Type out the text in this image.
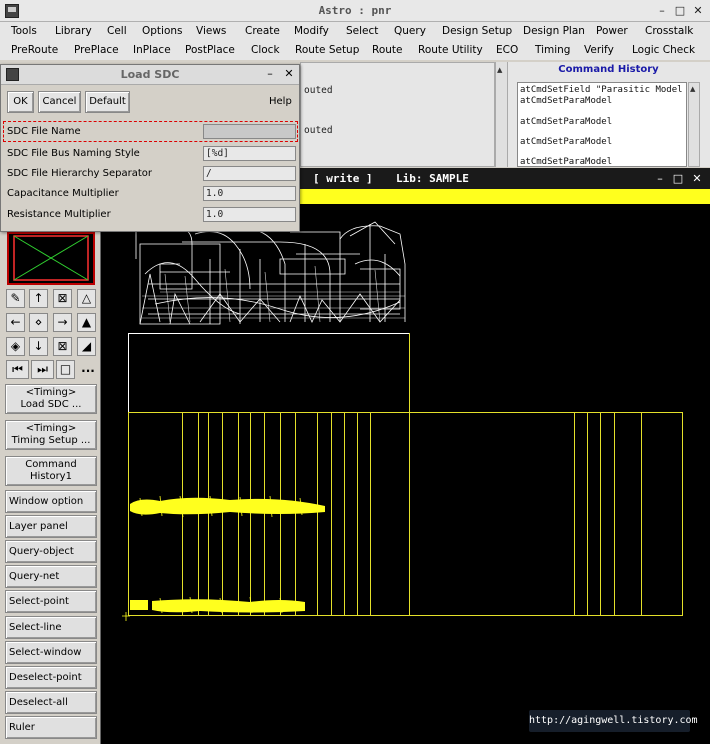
Astro : pnr	– □ ✕
Tools Library Cell Options Views Create Modify Select Query Design Setup Design Plan Power Crosstalk
PreRoute PrePlace InPlace PostPlace Clock Route Setup Route Route Utility ECO Timing Verify Logic Check
outed
outed
▲	Command History
atCmdSetField "Parasitic Model
atCmdSetParaModel
atCmdSetParaModel
atCmdSetParaModel
atCmdSetParaModel
▲
[ write ] Lib: SAMPLE	– □ ✕
✎	↑	⊠	△
←	⋄	→	▲
◈	↓	⊠	◢
⏮	⏭ □ ...
<Timing>
Load SDC ...
<Timing>
Timing Setup ...
Command
History1
Window option
Layer panel
Query-object
Query-net
Select-point
Select-line
Select-window
Deselect-point
Deselect-all
Ruler
Load SDC	–	✕
OK	Cancel	Default	Help
SDC File Name
SDC File Bus Naming Style	[%d]
SDC File Hierarchy Separator	/
Capacitance Multiplier	1.0
Resistance Multiplier	1.0
http://agingwell.tistory.com
